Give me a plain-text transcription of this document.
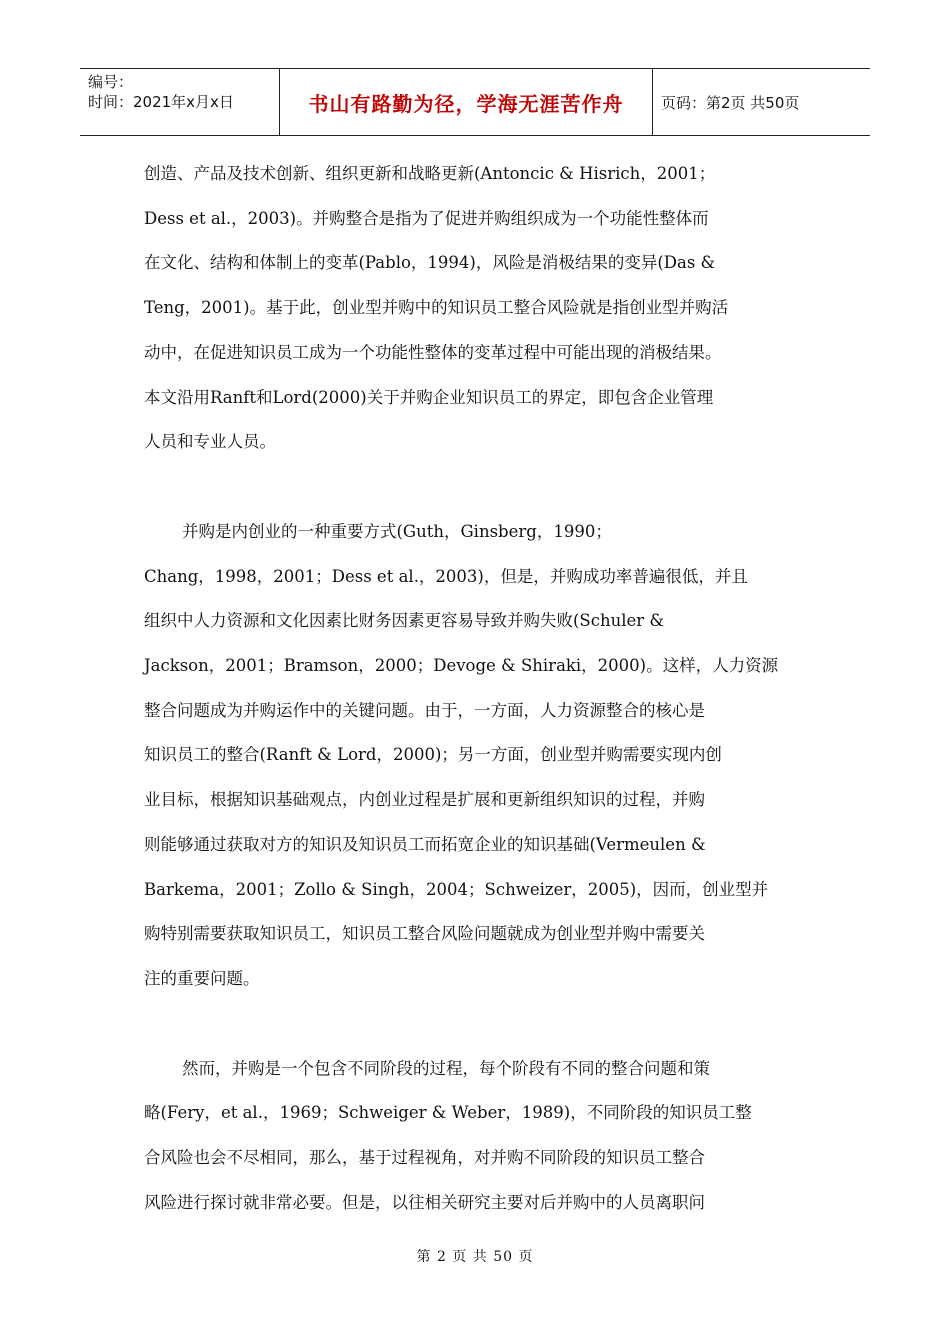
编号：
时间：2021年x月x日	书山有路勤为径，学海无涯苦作舟	页码：第2页 共50页
创造、产品及技术创新、组织更新和战略更新(Antoncic & Hisrich，2001；
Dess et al.，2003)。并购整合是指为了促进并购组织成为一个功能性整体而
在文化、结构和体制上的变革(Pablo，1994)，风险是消极结果的变异(Das &
Teng，2001)。基于此，创业型并购中的知识员工整合风险就是指创业型并购活
动中，在促进知识员工成为一个功能性整体的变革过程中可能出现的消极结果。
本文沿用Ranft和Lord(2000)关于并购企业知识员工的界定，即包含企业管理
人员和专业人员。
并购是内创业的一种重要方式(Guth，Ginsberg，1990；
Chang，1998，2001；Dess et al.，2003)，但是，并购成功率普遍很低，并且
组织中人力资源和文化因素比财务因素更容易导致并购失败(Schuler &
Jackson，2001；Bramson，2000；Devoge & Shiraki，2000)。这样，人力资源
整合问题成为并购运作中的关键问题。由于，一方面，人力资源整合的核心是
知识员工的整合(Ranft & Lord，2000)；另一方面，创业型并购需要实现内创
业目标，根据知识基础观点，内创业过程是扩展和更新组织知识的过程，并购
则能够通过获取对方的知识及知识员工而拓宽企业的知识基础(Vermeulen &
Barkema，2001；Zollo & Singh，2004；Schweizer，2005)，因而，创业型并
购特别需要获取知识员工，知识员工整合风险问题就成为创业型并购中需要关
注的重要问题。
然而，并购是一个包含不同阶段的过程，每个阶段有不同的整合问题和策
略(Fery，et al.，1969；Schweiger & Weber，1989)，不同阶段的知识员工整
合风险也会不尽相同，那么，基于过程视角，对并购不同阶段的知识员工整合
风险进行探讨就非常必要。但是，以往相关研究主要对后并购中的人员离职问
第 2 页 共 50 页
